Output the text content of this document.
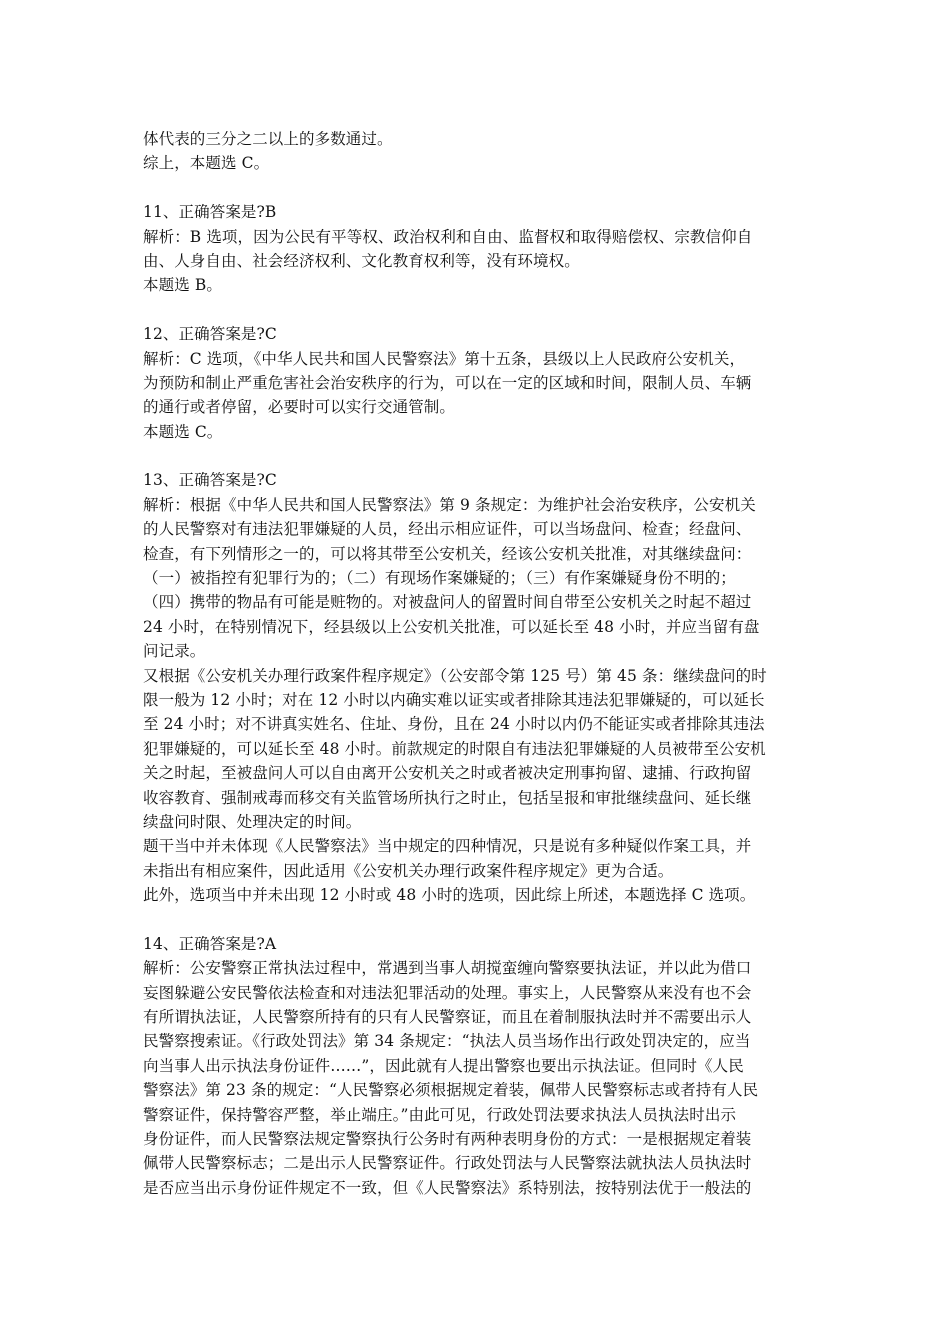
体代表的三分之二以上的多数通过。
综上，本题选 C。
11、正确答案是?B
解析：B 选项，因为公民有平等权、政治权利和自由、监督权和取得赔偿权、宗教信仰自
由、人身自由、社会经济权利、文化教育权利等，没有环境权。
本题选 B。
12、正确答案是?C
解析：C 选项，《中华人民共和国人民警察法》第十五条，县级以上人民政府公安机关，
为预防和制止严重危害社会治安秩序的行为，可以在一定的区域和时间，限制人员、车辆
的通行或者停留，必要时可以实行交通管制。
本题选 C。
13、正确答案是?C
解析：根据《中华人民共和国人民警察法》第 9 条规定：为维护社会治安秩序，公安机关
的人民警察对有违法犯罪嫌疑的人员，经出示相应证件，可以当场盘问、检查；经盘问、
检查，有下列情形之一的，可以将其带至公安机关，经该公安机关批准，对其继续盘问：
（一）被指控有犯罪行为的；（二）有现场作案嫌疑的；（三）有作案嫌疑身份不明的；
（四）携带的物品有可能是赃物的。对被盘问人的留置时间自带至公安机关之时起不超过
24 小时，在特别情况下，经县级以上公安机关批准，可以延长至 48 小时，并应当留有盘
问记录。
又根据《公安机关办理行政案件程序规定》（公安部令第 125 号）第 45 条：继续盘问的时
限一般为 12 小时；对在 12 小时以内确实难以证实或者排除其违法犯罪嫌疑的，可以延长
至 24 小时；对不讲真实姓名、住址、身份，且在 24 小时以内仍不能证实或者排除其违法
犯罪嫌疑的，可以延长至 48 小时。前款规定的时限自有违法犯罪嫌疑的人员被带至公安机
关之时起，至被盘问人可以自由离开公安机关之时或者被决定刑事拘留、逮捕、行政拘留
收容教育、强制戒毒而移交有关监管场所执行之时止，包括呈报和审批继续盘问、延长继
续盘问时限、处理决定的时间。
题干当中并未体现《人民警察法》当中规定的四种情况，只是说有多种疑似作案工具，并
未指出有相应案件，因此适用《公安机关办理行政案件程序规定》更为合适。
此外，选项当中并未出现 12 小时或 48 小时的选项，因此综上所述，本题选择 C 选项。
14、正确答案是?A
解析：公安警察正常执法过程中，常遇到当事人胡搅蛮缠向警察要执法证，并以此为借口
妄图躲避公安民警依法检查和对违法犯罪活动的处理。事实上，人民警察从来没有也不会
有所谓执法证，人民警察所持有的只有人民警察证，而且在着制服执法时并不需要出示人
民警察搜索证。《行政处罚法》第 34 条规定：“执法人员当场作出行政处罚决定的，应当
向当事人出示执法身份证件……”，因此就有人提出警察也要出示执法证。但同时《人民
警察法》第 23 条的规定：“人民警察必须根据规定着装，佩带人民警察标志或者持有人民
警察证件，保持警容严整，举止端庄。”由此可见，行政处罚法要求执法人员执法时出示
身份证件，而人民警察法规定警察执行公务时有两种表明身份的方式：一是根据规定着装
佩带人民警察标志；二是出示人民警察证件。行政处罚法与人民警察法就执法人员执法时
是否应当出示身份证件规定不一致，但《人民警察法》系特别法，按特别法优于一般法的
